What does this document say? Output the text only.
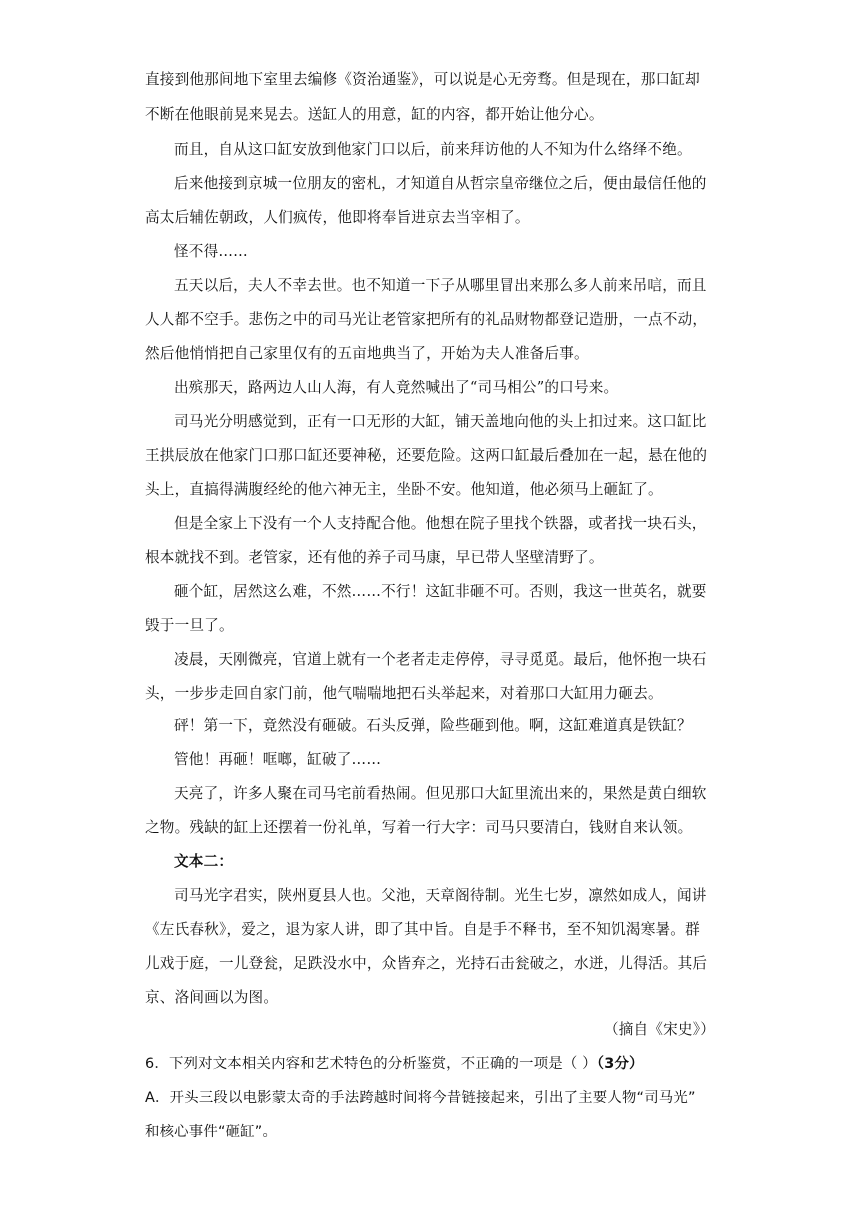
直接到他那间地下室里去编修《资治通鉴》，可以说是心无旁骛。但是现在，那口缸却
不断在他眼前晃来晃去。送缸人的用意，缸的内容，都开始让他分心。
而且，自从这口缸安放到他家门口以后，前来拜访他的人不知为什么络绎不绝。
后来他接到京城一位朋友的密札，才知道自从哲宗皇帝继位之后，便由最信任他的
高太后辅佐朝政，人们疯传，他即将奉旨进京去当宰相了。
怪不得……
五天以后，夫人不幸去世。也不知道一下子从哪里冒出来那么多人前来吊唁，而且
人人都不空手。悲伤之中的司马光让老管家把所有的礼品财物都登记造册，一点不动，
然后他悄悄把自己家里仅有的五亩地典当了，开始为夫人准备后事。
出殡那天，路两边人山人海，有人竟然喊出了“司马相公”的口号来。
司马光分明感觉到，正有一口无形的大缸，铺天盖地向他的头上扣过来。这口缸比
王拱辰放在他家门口那口缸还要神秘，还要危险。这两口缸最后叠加在一起，悬在他的
头上，直搞得满腹经纶的他六神无主，坐卧不安。他知道，他必须马上砸缸了。
但是全家上下没有一个人支持配合他。他想在院子里找个铁器，或者找一块石头，
根本就找不到。老管家，还有他的养子司马康，早已带人坚壁清野了。
砸个缸，居然这么难，不然……不行！这缸非砸不可。否则，我这一世英名，就要
毁于一旦了。
凌晨，天刚微亮，官道上就有一个老者走走停停，寻寻觅觅。最后，他怀抱一块石
头，一步步走回自家门前，他气喘喘地把石头举起来，对着那口大缸用力砸去。
砰！第一下，竟然没有砸破。石头反弹，险些砸到他。啊，这缸难道真是铁缸？
管他！再砸！哐啷，缸破了……
天亮了，许多人聚在司马宅前看热闹。但见那口大缸里流出来的，果然是黄白细软
之物。残缺的缸上还摆着一份礼单，写着一行大字：司马只要清白，钱财自来认领。
文本二：
司马光字君实，陕州夏县人也。父池，天章阁待制。光生七岁，凛然如成人，闻讲
《左氏春秋》，爱之，退为家人讲，即了其中旨。自是手不释书，至不知饥渴寒暑。群
儿戏于庭，一儿登瓮，足跌没水中，众皆弃之，光持石击瓮破之，水迸，儿得活。其后
京、洛间画以为图。
（摘自《宋史》）
6．下列对文本相关内容和艺术特色的分析鉴赏，不正确的一项是（ ）（3分）
A．开头三段以电影蒙太奇的手法跨越时间将今昔链接起来，引出了主要人物“司马光”
和核心事件“砸缸”。
